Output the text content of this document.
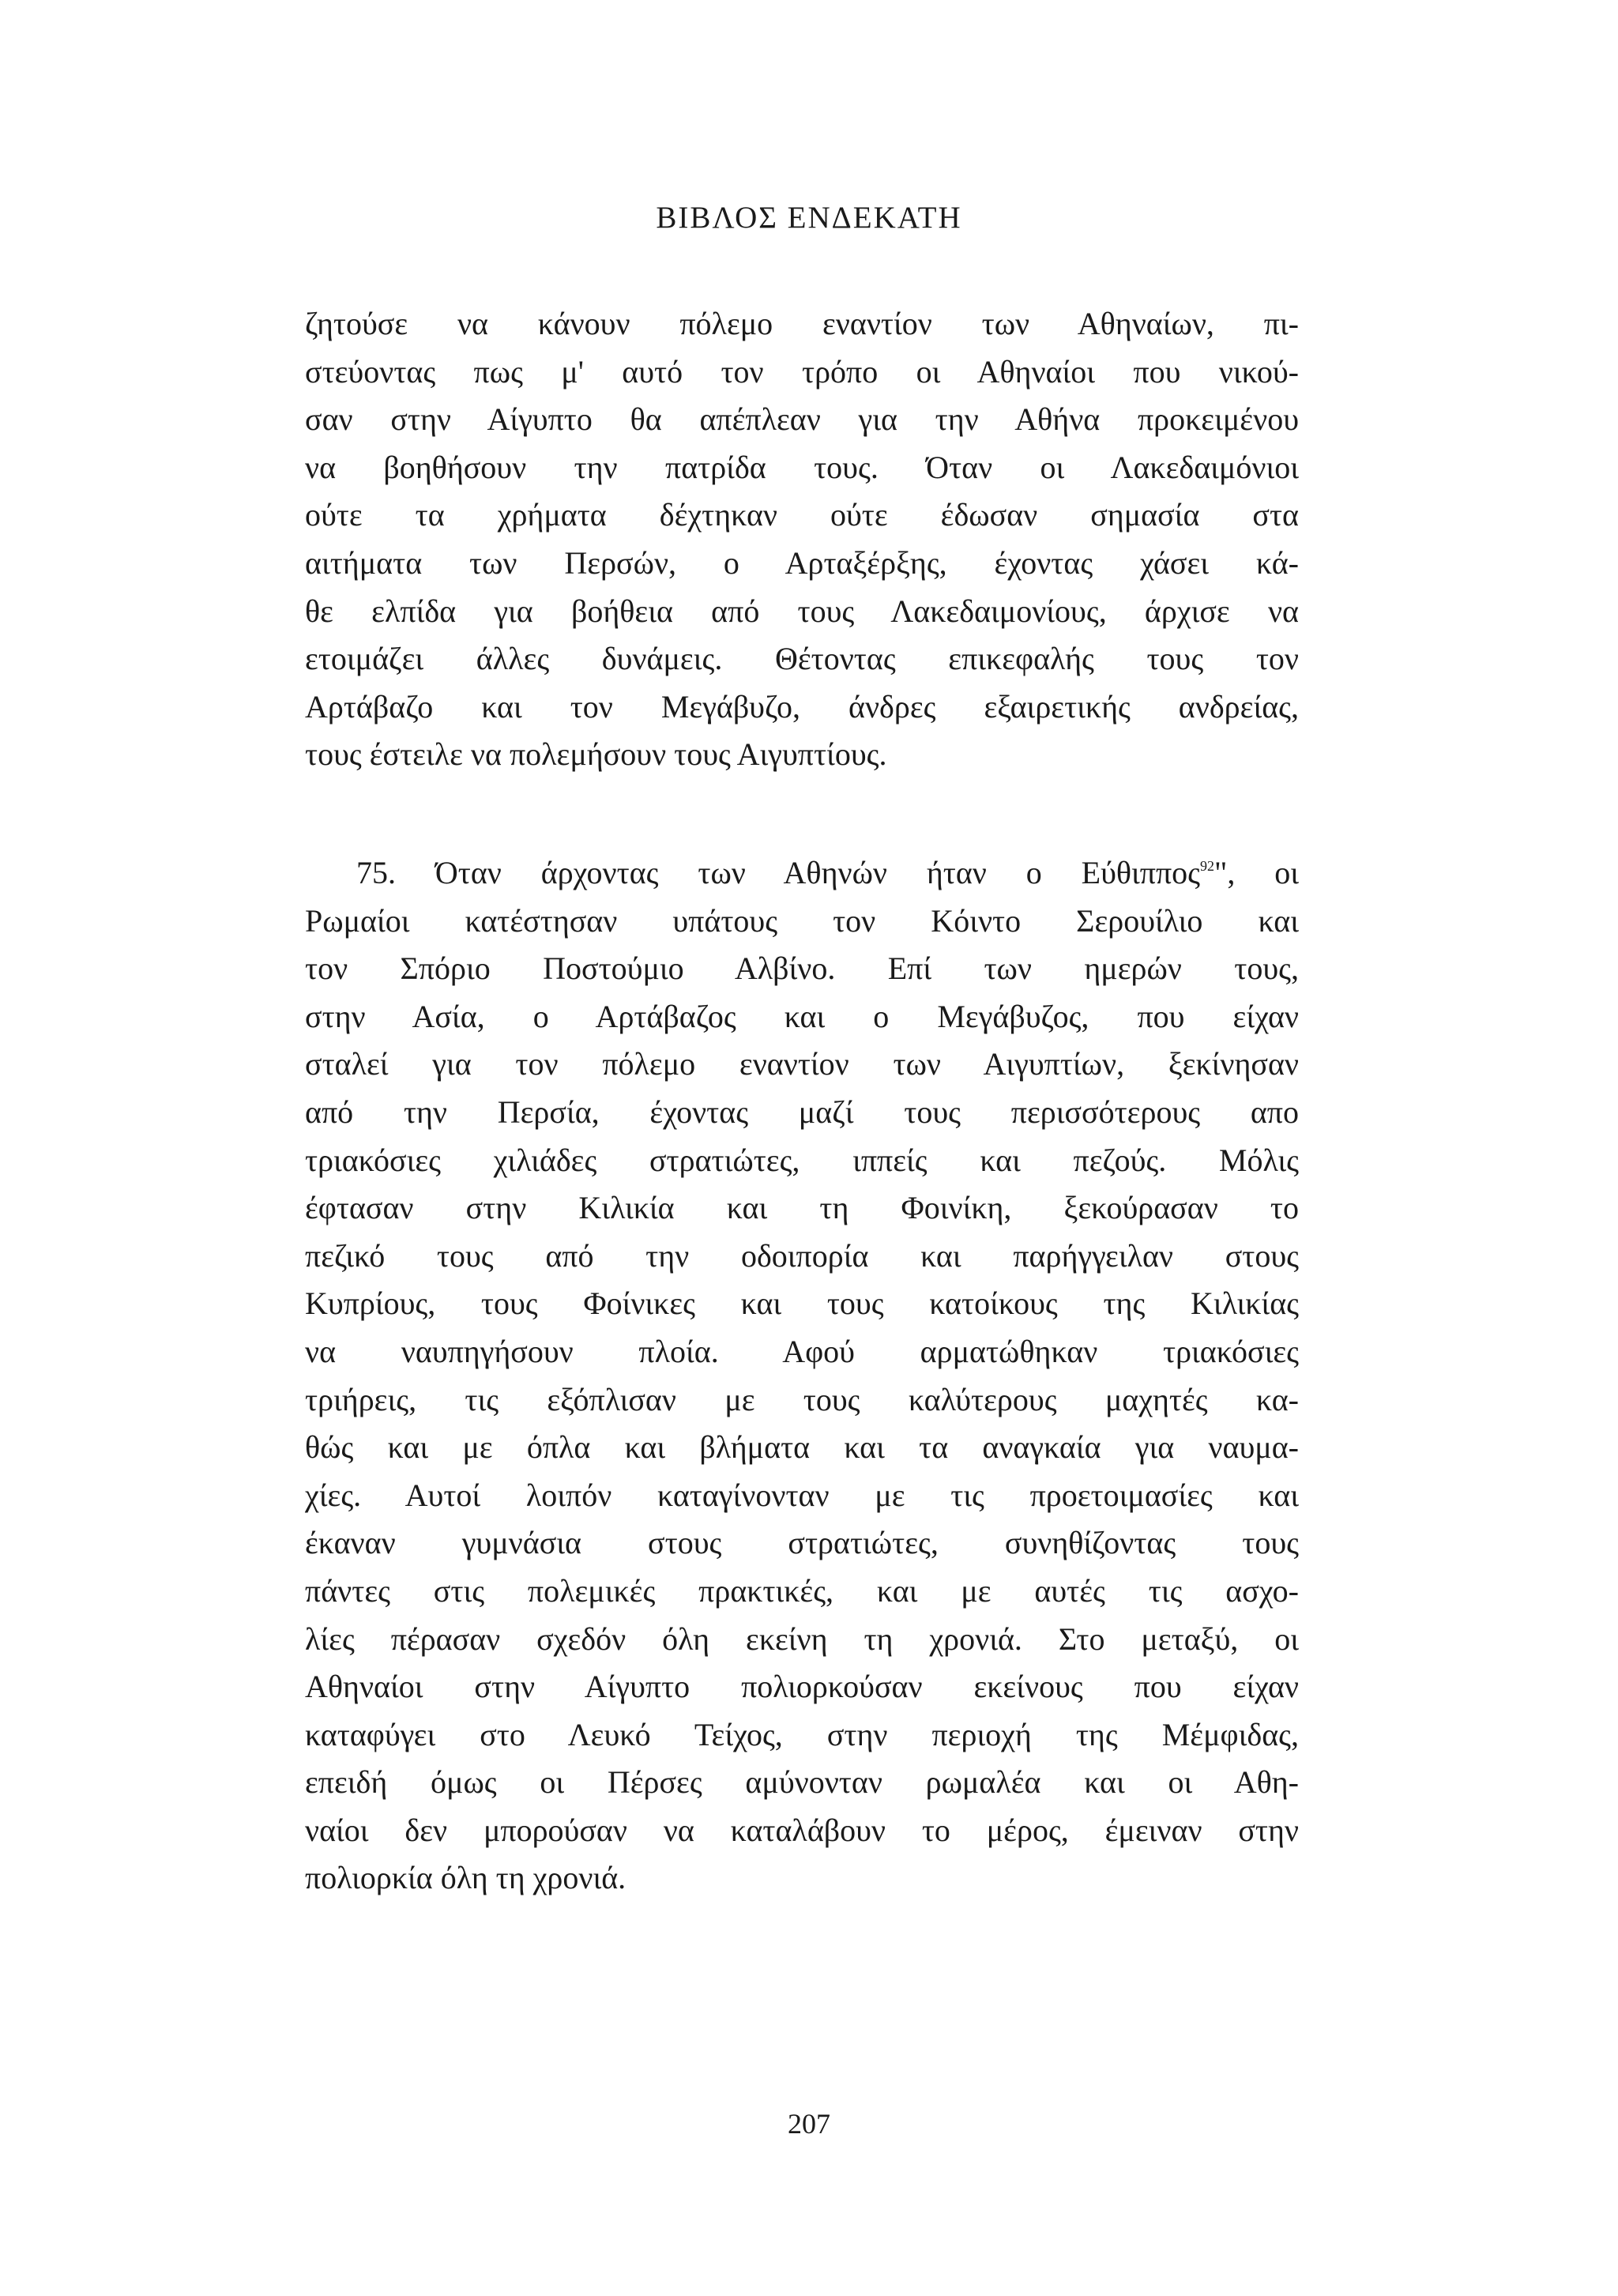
ΒΙΒΛΟΣ ΕΝΔΕΚΑΤΗ
ζητούσε να κάνουν πόλεμο εναντίον των Αθηναίων, πι-
στεύοντας πως μ' αυτό τον τρόπο οι Αθηναίοι που νικού-
σαν στην Αίγυπτο θα απέπλεαν για την Αθήνα προκειμένου
να βοηθήσουν την πατρίδα τους. Όταν οι Λακεδαιμόνιοι
ούτε τα χρήματα δέχτηκαν ούτε έδωσαν σημασία στα
αιτήματα των Περσών, ο Αρταξέρξης, έχοντας χάσει κά-
θε ελπίδα για βοήθεια από τους Λακεδαιμονίους, άρχισε να
ετοιμάζει άλλες δυνάμεις. Θέτοντας επικεφαλής τους τον
Αρτάβαζο και τον Μεγάβυζο, άνδρες εξαιρετικής ανδρείας,
τους έστειλε να πολεμήσουν τους Αιγυπτίους.
75. Όταν άρχοντας των Αθηνών ήταν ο Εύθιππος$^{92}$", οι
Ρωμαίοι κατέστησαν υπάτους τον Κόιντο Σερουίλιο και
τον Σπόριο Ποστούμιο Αλβίνο. Επί των ημερών τους,
στην Ασία, ο Αρτάβαζος και ο Μεγάβυζος, που είχαν
σταλεί για τον πόλεμο εναντίον των Αιγυπτίων, ξεκίνησαν
από την Περσία, έχοντας μαζί τους περισσότερους απο
τριακόσιες χιλιάδες στρατιώτες, ιππείς και πεζούς. Μόλις
έφτασαν στην Κιλικία και τη Φοινίκη, ξεκούρασαν το
πεζικό τους από την οδοιπορία και παρήγγειλαν στους
Κυπρίους, τους Φοίνικες και τους κατοίκους της Κιλικίας
να ναυπηγήσουν πλοία. Αφού αρματώθηκαν τριακόσιες
τριήρεις, τις εξόπλισαν με τους καλύτερους μαχητές κα-
θώς και με όπλα και βλήματα και τα αναγκαία για ναυμα-
χίες. Αυτοί λοιπόν καταγίνονταν με τις προετοιμασίες και
έκαναν γυμνάσια στους στρατιώτες, συνηθίζοντας τους
πάντες στις πολεμικές πρακτικές, και με αυτές τις ασχο-
λίες πέρασαν σχεδόν όλη εκείνη τη χρονιά. Στο μεταξύ, οι
Αθηναίοι στην Αίγυπτο πολιορκούσαν εκείνους που είχαν
καταφύγει στο Λευκό Τείχος, στην περιοχή της Μέμφιδας,
επειδή όμως οι Πέρσες αμύνονταν ρωμαλέα και οι Αθη-
ναίοι δεν μπορούσαν να καταλάβουν το μέρος, έμειναν στην
πολιορκία όλη τη χρονιά.
207
